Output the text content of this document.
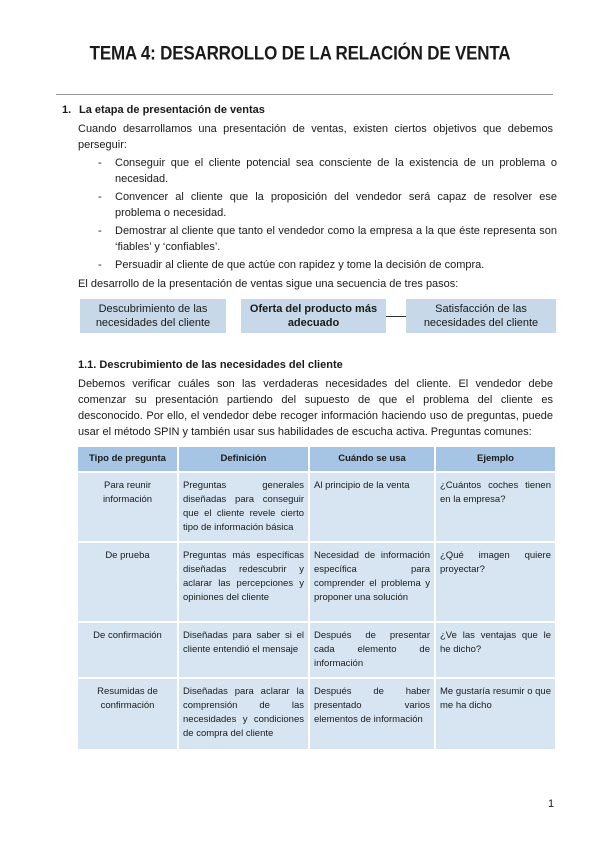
TEMA 4: DESARROLLO DE LA RELACIÓN DE VENTA
1. La etapa de presentación de ventas
Cuando desarrollamos una presentación de ventas, existen ciertos objetivos que debemos perseguir:
- Conseguir que el cliente potencial sea consciente de la existencia de un problema o necesidad.
- Convencer al cliente que la proposición del vendedor será capaz de resolver ese problema o necesidad.
- Demostrar al cliente que tanto el vendedor como la empresa a la que éste representa son ‘fiables’ y ‘confiables’.
- Persuadir al cliente de que actúe con rapidez y tome la decisión de compra.
El desarrollo de la presentación de ventas sigue una secuencia de tres pasos:
Descubrimiento de las necesidades del cliente
Oferta del producto más adecuado
Satisfacción de las necesidades del cliente
1.1. Descrubimiento de las necesidades del cliente
Debemos verificar cuáles son las verdaderas necesidades del cliente. El vendedor debe comenzar su presentación partiendo del supuesto de que el problema del cliente es desconocido. Por ello, el vendedor debe recoger información haciendo uso de preguntas, puede usar el método SPIN y también usar sus habilidades de escucha activa. Preguntas comunes:
Tipo de pregunta	Definición	Cuándo se usa	Ejemplo
Para reunir información	Preguntas generales diseñadas para conseguir que el cliente revele cierto tipo de información básica	Al principio de la venta	¿Cuántos coches tienen en la empresa?
De prueba	Preguntas más específicas diseñadas redescubrir y aclarar las percepciones y opiniones del cliente	Necesidad de información específica para comprender el problema y proponer una solución	¿Qué imagen quiere proyectar?
De confirmación	Diseñadas para saber si el cliente entendió el mensaje	Después de presentar cada elemento de información	¿Ve las ventajas que le he dicho?
Resumidas de confirmación	Diseñadas para aclarar la comprensión de las necesidades y condiciones de compra del cliente	Después de haber presentado varios elementos de información	Me gustaría resumir o que me ha dicho
1
